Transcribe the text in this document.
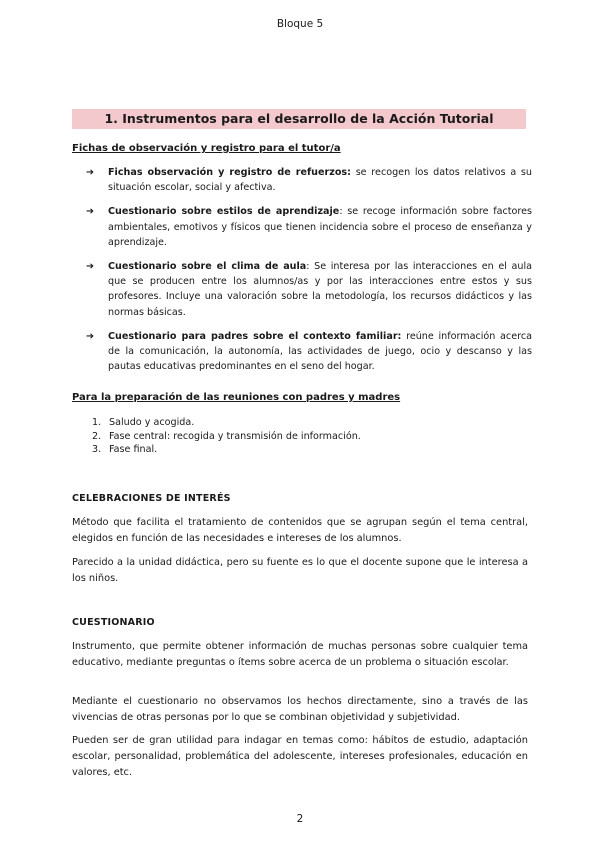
Bloque 5
1. Instrumentos para el desarrollo de la Acción Tutorial
Fichas de observación y registro para el tutor/a
➔ Fichas observación y registro de refuerzos: se recogen los datos relativos a su situación escolar, social y afectiva.
➔ Cuestionario sobre estilos de aprendizaje: se recoge información sobre factores ambientales, emotivos y físicos que tienen incidencia sobre el proceso de enseñanza y aprendizaje.
➔ Cuestionario sobre el clima de aula: Se interesa por las interacciones en el aula que se producen entre los alumnos/as y por las interacciones entre estos y sus profesores. Incluye una valoración sobre la metodología, los recursos didácticos y las normas básicas.
➔ Cuestionario para padres sobre el contexto familiar: reúne información acerca de la comunicación, la autonomía, las actividades de juego, ocio y descanso y las pautas educativas predominantes en el seno del hogar.
Para la preparación de las reuniones con padres y madres
1. Saludo y acogida.
2. Fase central: recogida y transmisión de información.
3. Fase final.
CELEBRACIONES DE INTERÉS
Método que facilita el tratamiento de contenidos que se agrupan según el tema central, elegidos en función de las necesidades e intereses de los alumnos.
Parecido a la unidad didáctica, pero su fuente es lo que el docente supone que le interesa a los niños.
CUESTIONARIO
Instrumento, que permite obtener información de muchas personas sobre cualquier tema educativo, mediante preguntas o ítems sobre acerca de un problema o situación escolar.
Mediante el cuestionario no observamos los hechos directamente, sino a través de las vivencias de otras personas por lo que se combinan objetividad y subjetividad.
Pueden ser de gran utilidad para indagar en temas como: hábitos de estudio, adaptación escolar, personalidad, problemática del adolescente, intereses profesionales, educación en valores, etc.
2
